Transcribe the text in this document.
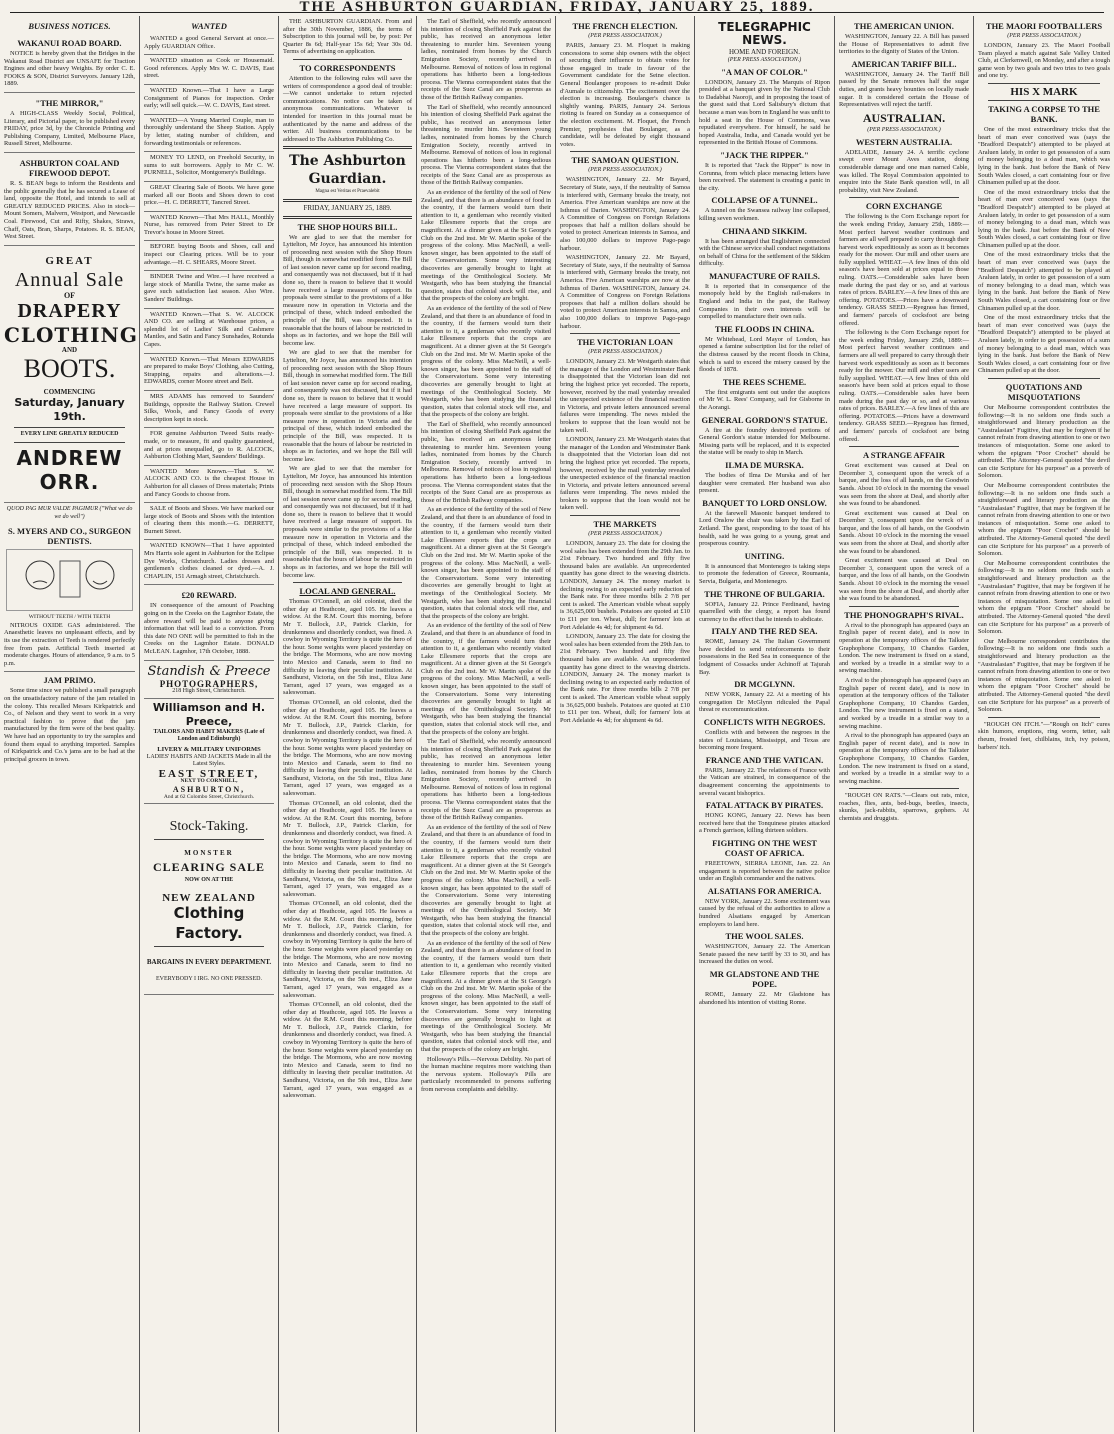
THE ASHBURTON GUARDIAN, FRIDAY, JANUARY 25, 1889.
BUSINESS NOTICES.
WAKANUI ROAD BOARD.

NOTICE is hereby given that the Bridges in the Wakanui Road District are UNSAFE for Traction Engines and other heavy Weights. By order C. E. FOOKS & SON, District Surveyors. January 12th, 1889.

"THE MIRROR,"

A HIGH-CLASS Weekly Social, Political, Literary, and Pictorial paper, to be published every FRIDAY, price 3d, by the Chronicle Printing and Publishing Company, Limited, Melbourne Place, Russell Street, Melbourne.

ASHBURTON COAL AND FIREWOOD DEPOT.

R. S. BEAN begs to inform the Residents and the public generally that he has secured a Lease of land, opposite the Hotel, and intends to sell at GREATLY REDUCED PRICES. Also in stock—Mount Somers, Malvern, Westport, and Newcastle Coal. Firewood, Cut and Rifty, Shakes, Straws, Chaff, Oats, Bran, Sharps, Potatoes. R. S. BEAN, West Street.

GREAT
Annual Sale
OF
DRAPERY
CLOTHING
AND
BOOTS.
COMMENCING
Saturday, January 19th.
EVERY LINE GREATLY REDUCED
ANDREW ORR.
QUOD PAG MUR VALDE PAGIMUR ("What we do we do well")
S. MYERS AND CO., SURGEON DENTISTS.
WITHOUT TEETH / WITH TEETH

NITROUS OXIDE GAS administered. The Anaesthetic leaves no unpleasant effects, and by its use the extraction of Teeth is rendered perfectly free from pain. Artificial Teeth inserted at moderate charges. Hours of attendance, 9 a.m. to 5 p.m.

JAM PRIMO.

Some time since we published a small paragraph on the unsatisfactory nature of the jam retailed in the colony. This recalled Messrs Kirkpatrick and Co., of Nelson and they went to work in a very practical fashion to prove that the jam manufactured by the firm were of the best quality. We have had an opportunity to try the samples and found them equal to anything imported. Samples of Kirkpatrick and Co.'s jams are to be had at the principal grocers in town.

WANTED

WANTED a good General Servant at once.—Apply GUARDIAN Office.

WANTED situation as Cook or Housemaid. Good references. Apply Mrs W. C. DAVIS, East street.

WANTED Known.—That I have a Large Consignment of Pianos for inspection. Order early; will sell quick.—W. C. DAVIS, East street.

WANTED—A Young Married Couple, man to thoroughly understand the Sheep Station. Apply by letter, stating number of children, and forwarding testimonials or references.

MONEY TO LEND, on Freehold Security, in sums to suit borrowers. Apply to Mr C. W. PURNELL, Solicitor, Montgomery's Buildings.

GREAT Clearing Sale of Boots. We have gone marked all our Boots and Shoes down to cost price.—H. C. DERRETT, Tancred Street.

WANTED Known—That Mrs HALL, Monthly Nurse, has removed from Peter Street to Dr Trevor's house in Moore Street.

BEFORE buying Boots and Shoes, call and inspect our Clearing prices. Will be to your advantage.—H. C. SHEARS, Moore Street.

BINDER Twine and Wire.—I have received a large stock of Manilla Twine, the same make as gave such satisfaction last season. Also Wire. Sanders' Buildings.

WANTED Known.—That S. W. ALCOCK AND CO. are selling at Warehouse prices, a splendid lot of Ladies' Silk and Cashmere Mantles, and Satin and Fancy Sunshades, Rotunda Capes.

WANTED Known.—That Messrs EDWARDS are prepared to make Boys' Clothing, also Cutting, Strapping, repairs and alterations.—J. EDWARDS, corner Moore street and Belt.

MRS ADAMS has removed to Saunders' Buildings, opposite the Railway Station. Crewel Silks, Wools, and Fancy Goods of every description kept in stock.

FOR genuine Ashburton Tweed Suits ready-made, or to measure, fit and quality guaranteed, and at prices unequalled, go to R. ALCOCK, Ashburton Clothing Mart, Saunders' Buildings.

WANTED More Known.—That S. W. ALCOCK AND CO. is the cheapest House in Ashburton for all classes of Dress materials; Prints and Fancy Goods to choose from.

SALE of Boots and Shoes. We have marked our large stock of Boots and Shoes with the intention of clearing them this month.—G. DERRETT, Burnett Street.

WANTED KNOWN—That I have appointed Mrs Harris sole agent in Ashburton for the Eclipse Dye Works, Christchurch. Ladies dresses and gentlemen's clothes cleaned or dyed.—A. J. CHAPLIN, 151 Armagh street, Christchurch.

£20 REWARD.

IN consequence of the amount of Poaching going on in the Creeks on the Lagmhor Estate, the above reward will be paid to anyone giving information that will lead to a conviction. From this date NO ONE will be permitted to fish in the Creeks on the Lagmhor Estate. DONALD McLEAN. Lagmhor, 17th October, 1888.

Standish & Preece
PHOTOGRAPHERS,
218 High Street, Christchurch.
Williamson and H. Preece,
TAILORS AND HABIT MAKERS (Late of London and Edinburgh)
LIVERY & MILITARY UNIFORMS
LADIES' HABITS AND JACKETS Made in all the Latest Styles.
EAST STREET,
NEXT TO CORNHILL,
ASHBURTON,
And at 62 Colombo Street, Christchurch.
Stock-Taking.
MONSTER
CLEARING SALE
NOW ON AT THE
NEW ZEALAND
Clothing Factory.
BARGAINS IN EVERY DEPARTMENT.
EVERYBODY I IRG. NO ONE PRESSED.

THE ASHBURTON GUARDIAN. From and after the 30th November, 1886, the terms of Subscription to this journal will be, by post: Per Quarter 8s 6d; Half-year 15s 6d; Year 30s 0d. Terms of advertising on application.

TO CORRESPONDENTS

Attention to the following rules will save the writers of correspondence a good deal of trouble:—We cannot undertake to return rejected communications. No notice can be taken of anonymous communications. Whatever is intended for insertion in this journal must be authenticated by the name and address of the writer. All business communications to be addressed to The Ashburton Publishing Co.

The Ashburton Guardian.
Magna est Veritas et Praevalebit
FRIDAY, JANUARY 25, 1889.
THE SHOP HOURS BILL.

We are glad to see that the member for Lyttelton, Mr Joyce, has announced his intention of proceeding next session with the Shop Hours Bill, though in somewhat modified form. The Bill of last session never came up for second reading, and consequently was not discussed, but if it had done so, there is reason to believe that it would have received a large measure of support. Its proposals were similar to the provisions of a like measure now in operation in Victoria and the principal of these, which indeed embodied the principle of the Bill, was respected. It is reasonable that the hours of labour be restricted in shops as in factories, and we hope the Bill will become law.

We are glad to see that the member for Lyttelton, Mr Joyce, has announced his intention of proceeding next session with the Shop Hours Bill, though in somewhat modified form. The Bill of last session never came up for second reading, and consequently was not discussed, but if it had done so, there is reason to believe that it would have received a large measure of support. Its proposals were similar to the provisions of a like measure now in operation in Victoria and the principal of these, which indeed embodied the principle of the Bill, was respected. It is reasonable that the hours of labour be restricted in shops as in factories, and we hope the Bill will become law.

We are glad to see that the member for Lyttelton, Mr Joyce, has announced his intention of proceeding next session with the Shop Hours Bill, though in somewhat modified form. The Bill of last session never came up for second reading, and consequently was not discussed, but if it had done so, there is reason to believe that it would have received a large measure of support. Its proposals were similar to the provisions of a like measure now in operation in Victoria and the principal of these, which indeed embodied the principle of the Bill, was respected. It is reasonable that the hours of labour be restricted in shops as in factories, and we hope the Bill will become law.

LOCAL AND GENERAL.

Thomas O'Connell, an old colonist, died the other day at Heathcote, aged 105. He leaves a widow. At the R.M. Court this morning, before Mr T. Bullock, J.P., Patrick Clarkin, for drunkenness and disorderly conduct, was fined. A cowboy in Wyoming Territory is quite the hero of the hour. Some weights were placed yesterday on the bridge. The Mormons, who are now moving into Mexico and Canada, seem to find no difficulty in leaving their peculiar institution. At Sandhurst, Victoria, on the 5th inst., Eliza Jane Tarrant, aged 17 years, was engaged as a saleswoman.

Thomas O'Connell, an old colonist, died the other day at Heathcote, aged 105. He leaves a widow. At the R.M. Court this morning, before Mr T. Bullock, J.P., Patrick Clarkin, for drunkenness and disorderly conduct, was fined. A cowboy in Wyoming Territory is quite the hero of the hour. Some weights were placed yesterday on the bridge. The Mormons, who are now moving into Mexico and Canada, seem to find no difficulty in leaving their peculiar institution. At Sandhurst, Victoria, on the 5th inst., Eliza Jane Tarrant, aged 17 years, was engaged as a saleswoman.

Thomas O'Connell, an old colonist, died the other day at Heathcote, aged 105. He leaves a widow. At the R.M. Court this morning, before Mr T. Bullock, J.P., Patrick Clarkin, for drunkenness and disorderly conduct, was fined. A cowboy in Wyoming Territory is quite the hero of the hour. Some weights were placed yesterday on the bridge. The Mormons, who are now moving into Mexico and Canada, seem to find no difficulty in leaving their peculiar institution. At Sandhurst, Victoria, on the 5th inst., Eliza Jane Tarrant, aged 17 years, was engaged as a saleswoman.

Thomas O'Connell, an old colonist, died the other day at Heathcote, aged 105. He leaves a widow. At the R.M. Court this morning, before Mr T. Bullock, J.P., Patrick Clarkin, for drunkenness and disorderly conduct, was fined. A cowboy in Wyoming Territory is quite the hero of the hour. Some weights were placed yesterday on the bridge. The Mormons, who are now moving into Mexico and Canada, seem to find no difficulty in leaving their peculiar institution. At Sandhurst, Victoria, on the 5th inst., Eliza Jane Tarrant, aged 17 years, was engaged as a saleswoman.

Thomas O'Connell, an old colonist, died the other day at Heathcote, aged 105. He leaves a widow. At the R.M. Court this morning, before Mr T. Bullock, J.P., Patrick Clarkin, for drunkenness and disorderly conduct, was fined. A cowboy in Wyoming Territory is quite the hero of the hour. Some weights were placed yesterday on the bridge. The Mormons, who are now moving into Mexico and Canada, seem to find no difficulty in leaving their peculiar institution. At Sandhurst, Victoria, on the 5th inst., Eliza Jane Tarrant, aged 17 years, was engaged as a saleswoman.

The Earl of Sheffield, who recently announced his intention of closing Sheffield Park against the public, has received an anonymous letter threatening to murder him. Seventeen young ladies, nominated from homes by the Church Emigration Society, recently arrived in Melbourne. Removal of notices of loss in regional operations has hitherto been a long-tedious process. The Vienna correspondent states that the receipts of the Suez Canal are as prosperous as those of the British Railway companies.

The Earl of Sheffield, who recently announced his intention of closing Sheffield Park against the public, has received an anonymous letter threatening to murder him. Seventeen young ladies, nominated from homes by the Church Emigration Society, recently arrived in Melbourne. Removal of notices of loss in regional operations has hitherto been a long-tedious process. The Vienna correspondent states that the receipts of the Suez Canal are as prosperous as those of the British Railway companies.

As an evidence of the fertility of the soil of New Zealand, and that there is an abundance of food in the country, if the farmers would turn their attention to it, a gentleman who recently visited Lake Ellesmere reports that the crops are magnificent. At a dinner given at the St George's Club on the 2nd inst. Mr W. Martin spoke of the progress of the colony. Miss MacNeill, a well-known singer, has been appointed to the staff of the Conservatorium. Some very interesting discoveries are generally brought to light at meetings of the Ornithological Society. Mr Westgarth, who has been studying the financial question, states that colonial stock will rise, and that the prospects of the colony are bright.

As an evidence of the fertility of the soil of New Zealand, and that there is an abundance of food in the country, if the farmers would turn their attention to it, a gentleman who recently visited Lake Ellesmere reports that the crops are magnificent. At a dinner given at the St George's Club on the 2nd inst. Mr W. Martin spoke of the progress of the colony. Miss MacNeill, a well-known singer, has been appointed to the staff of the Conservatorium. Some very interesting discoveries are generally brought to light at meetings of the Ornithological Society. Mr Westgarth, who has been studying the financial question, states that colonial stock will rise, and that the prospects of the colony are bright.

The Earl of Sheffield, who recently announced his intention of closing Sheffield Park against the public, has received an anonymous letter threatening to murder him. Seventeen young ladies, nominated from homes by the Church Emigration Society, recently arrived in Melbourne. Removal of notices of loss in regional operations has hitherto been a long-tedious process. The Vienna correspondent states that the receipts of the Suez Canal are as prosperous as those of the British Railway companies.

As an evidence of the fertility of the soil of New Zealand, and that there is an abundance of food in the country, if the farmers would turn their attention to it, a gentleman who recently visited Lake Ellesmere reports that the crops are magnificent. At a dinner given at the St George's Club on the 2nd inst. Mr W. Martin spoke of the progress of the colony. Miss MacNeill, a well-known singer, has been appointed to the staff of the Conservatorium. Some very interesting discoveries are generally brought to light at meetings of the Ornithological Society. Mr Westgarth, who has been studying the financial question, states that colonial stock will rise, and that the prospects of the colony are bright.

As an evidence of the fertility of the soil of New Zealand, and that there is an abundance of food in the country, if the farmers would turn their attention to it, a gentleman who recently visited Lake Ellesmere reports that the crops are magnificent. At a dinner given at the St George's Club on the 2nd inst. Mr W. Martin spoke of the progress of the colony. Miss MacNeill, a well-known singer, has been appointed to the staff of the Conservatorium. Some very interesting discoveries are generally brought to light at meetings of the Ornithological Society. Mr Westgarth, who has been studying the financial question, states that colonial stock will rise, and that the prospects of the colony are bright.

The Earl of Sheffield, who recently announced his intention of closing Sheffield Park against the public, has received an anonymous letter threatening to murder him. Seventeen young ladies, nominated from homes by the Church Emigration Society, recently arrived in Melbourne. Removal of notices of loss in regional operations has hitherto been a long-tedious process. The Vienna correspondent states that the receipts of the Suez Canal are as prosperous as those of the British Railway companies.

As an evidence of the fertility of the soil of New Zealand, and that there is an abundance of food in the country, if the farmers would turn their attention to it, a gentleman who recently visited Lake Ellesmere reports that the crops are magnificent. At a dinner given at the St George's Club on the 2nd inst. Mr W. Martin spoke of the progress of the colony. Miss MacNeill, a well-known singer, has been appointed to the staff of the Conservatorium. Some very interesting discoveries are generally brought to light at meetings of the Ornithological Society. Mr Westgarth, who has been studying the financial question, states that colonial stock will rise, and that the prospects of the colony are bright.

As an evidence of the fertility of the soil of New Zealand, and that there is an abundance of food in the country, if the farmers would turn their attention to it, a gentleman who recently visited Lake Ellesmere reports that the crops are magnificent. At a dinner given at the St George's Club on the 2nd inst. Mr W. Martin spoke of the progress of the colony. Miss MacNeill, a well-known singer, has been appointed to the staff of the Conservatorium. Some very interesting discoveries are generally brought to light at meetings of the Ornithological Society. Mr Westgarth, who has been studying the financial question, states that colonial stock will rise, and that the prospects of the colony are bright.

Holloway's Pills.—Nervous Debility. No part of the human machine requires more watching than the nervous system. Holloway's Pills are particularly recommended to persons suffering from nervous complaints and debility.

THE FRENCH ELECTION.
(PER PRESS ASSOCIATION.)

PARIS, January 23. M. Floquet is making concessions to some ship owners with the object of securing their influence to obtain votes for those engaged in trade in favour of the Government candidate for the Seine election. General Boulanger proposes to re-admit Duke d'Aumale to citizenship. The excitement over the election is increasing. Boulanger's chance is slightly waning. PARIS, January 24. Serious rioting is feared on Sunday as a consequence of the election excitement. M. Floquet, the French Premier, prophesies that Boulanger, as a candidate, will be defeated by eight thousand votes.

THE SAMOAN QUESTION.
(PER PRESS ASSOCIATION.)

WASHINGTON, January 22. Mr Bayard, Secretary of State, says, if the neutrality of Samoa is interfered with, Germany breaks the treaty, not America. Five American warships are now at the Isthmus of Darien. WASHINGTON, January 24. A Committee of Congress on Foreign Relations proposes that half a million dollars should be voted to protect American interests in Samoa, and also 100,000 dollars to improve Pago-pago harbour.

WASHINGTON, January 22. Mr Bayard, Secretary of State, says, if the neutrality of Samoa is interfered with, Germany breaks the treaty, not America. Five American warships are now at the Isthmus of Darien. WASHINGTON, January 24. A Committee of Congress on Foreign Relations proposes that half a million dollars should be voted to protect American interests in Samoa, and also 100,000 dollars to improve Pago-pago harbour.

THE VICTORIAN LOAN
(PER PRESS ASSOCIATION.)

LONDON, January 23. Mr Westgarth states that the manager of the London and Westminster Bank is disappointed that the Victorian loan did not bring the highest price yet recorded. The reports, however, received by the mail yesterday revealed the unexpected existence of the financial reaction in Victoria, and private letters announced several failures were impending. The news misled the brokers to suppose that the loan would not be taken well.

LONDON, January 23. Mr Westgarth states that the manager of the London and Westminster Bank is disappointed that the Victorian loan did not bring the highest price yet recorded. The reports, however, received by the mail yesterday revealed the unexpected existence of the financial reaction in Victoria, and private letters announced several failures were impending. The news misled the brokers to suppose that the loan would not be taken well.

THE MARKETS
(PER PRESS ASSOCIATION.)

LONDON, January 23. The date for closing the wool sales has been extended from the 29th Jan. to 21st February. Two hundred and fifty five thousand bales are available. An unprecedented quantity has gone direct to the weaving districts. LONDON, January 24. The money market is declining owing to an expected early reduction of the Bank rate. For three months bills 2 7/8 per cent is asked. The American visible wheat supply is 36,625,000 bushels. Potatoes are quoted at £10 to £11 per ton. Wheat, dull; for farmers' lots at Port Adelaide 4s 4d; for shipment 4s 6d.

LONDON, January 23. The date for closing the wool sales has been extended from the 29th Jan. to 21st February. Two hundred and fifty five thousand bales are available. An unprecedented quantity has gone direct to the weaving districts. LONDON, January 24. The money market is declining owing to an expected early reduction of the Bank rate. For three months bills 2 7/8 per cent is asked. The American visible wheat supply is 36,625,000 bushels. Potatoes are quoted at £10 to £11 per ton. Wheat, dull; for farmers' lots at Port Adelaide 4s 4d; for shipment 4s 6d.

TELEGRAPHIC NEWS.
HOME AND FOREIGN.
(PER PRESS ASSOCIATION.)
"A MAN OF COLOR."

LONDON, January 23. The Marquis of Ripon presided at a banquet given by the National Club to Dadabhai Naoroji, and in proposing the toast of the guest said that Lord Salisbury's dictum that because a man was born in England he was unfit to hold a seat in the House of Commons, was repudiated everywhere. For himself, he said he hoped Australia, India, and Canada would yet be represented in the British House of Commons.

"JACK THE RIPPER."

It is reported that "Jack the Ripper" is now in Corunna, from which place menacing letters have been received. The statement is creating a panic in the city.

COLLAPSE OF A TUNNEL.

A tunnel on the Swansea railway line collapsed, killing seven workmen.

CHINA AND SIKKIM.

It has been arranged that Englishmen connected with the Chinese service shall conduct negotiations on behalf of China for the settlement of the Sikkim difficulty.

MANUFACTURE OF RAILS.

It is reported that in consequence of the monopoly held by the English rail-makers in England and India in the past, the Railway Companies in their own interests will be compelled to manufacture their own rails.

THE FLOODS IN CHINA.

Mr Whitehead, Lord Mayor of London, has opened a famine subscription list for the relief of the distress caused by the recent floods in China, which is said to exceed the misery caused by the floods of 1878.

THE REES SCHEME.

The first emigrants sent out under the auspices of Mr W. L. Rees' Company, sail for Gisborne in the Aorangi.

GENERAL GORDON'S STATUE.

A fire at the foundry destroyed portions of General Gordon's statue intended for Melbourne. Missing parts will be replaced, and it is expected the statue will be ready to ship in March.

ILMA DE MURSKA.

The bodies of Ilma De Murska and of her daughter were cremated. Her husband was also present.

BANQUET TO LORD ONSLOW.

At the farewell Masonic banquet tendered to Lord Onslow the chair was taken by the Earl of Zetland. The guest, responding to the toast of his health, said he was going to a young, great and prosperous country.

UNITING.

It is announced that Montenegro is taking steps to promote the federation of Greece, Roumania, Servia, Bulgaria, and Montenegro.

THE THRONE OF BULGARIA.

SOFIA, January 22. Prince Ferdinand, having quarrelled with the clergy, a report has found currency to the effect that he intends to abdicate.

ITALY AND THE RED SEA.

ROME, January 24. The Italian Government have decided to send reinforcements to their possessions in the Red Sea in consequence of the lodgment of Cossacks under Achinoff at Tajurah Bay.

DR MCGLYNN.

NEW YORK, January 22. At a meeting of his congregation Dr McGlynn ridiculed the Papal threat re excommunication.

CONFLICTS WITH NEGROES.

Conflicts with and between the negroes in the states of Louisiana, Mississippi, and Texas are becoming more frequent.

FRANCE AND THE VATICAN.

PARIS, January 22. The relations of France with the Vatican are strained, in consequence of the disagreement concerning the appointments to several vacant bishoprics.

FATAL ATTACK BY PIRATES.

HONG KONG, January 22. News has been received here that the Tonquinese pirates attacked a French garrison, killing thirteen soldiers.

FIGHTING ON THE WEST COAST OF AFRICA.

FREETOWN, SIERRA LEONE, Jan. 22. An engagement is reported between the native police under an English commander and the natives.

ALSATIANS FOR AMERICA.

NEW YORK, January 22. Some excitement was caused by the refusal of the authorities to allow a hundred Alsatians engaged by American employers to land here.

THE WOOL SALES.

WASHINGTON, January 22. The American Senate passed the new tariff by 33 to 30, and has increased the duties on wool.

MR GLADSTONE AND THE POPE.

ROME, January 22. Mr Gladstone has abandoned his intention of visiting Rome.

THE AMERICAN UNION.

WASHINGTON, January 22. A Bill has passed the House of Representatives to admit five territories to the dignity of States of the Union.

AMERICAN TARIFF BILL.

WASHINGTON, January 24. The Tariff Bill passed by the Senate removes half the sugar duties, and grants heavy bounties on locally made sugar. It is considered certain the House of Representatives will reject the tariff.

AUSTRALIAN.
(PER PRESS ASSOCIATION.)
WESTERN AUSTRALIA.

ADELAIDE, January 24. A terrific cyclone swept over Mount Aves station, doing considerable damage and one man named Cable, was killed. The Royal Commission appointed to enquire into the State Bank question will, in all probability, visit New Zealand.

CORN EXCHANGE

The following is the Corn Exchange report for the week ending Friday, January 25th, 1889:—Most perfect harvest weather continues and farmers are all well prepared to carry through their harvest work expeditiously as soon as it becomes ready for the mower. Our mill and other users are fully supplied. WHEAT.—A few lines of this old season's have been sold at prices equal to those ruling. OATS.—Considerable sales have been made during the past day or so, and at various rates of prices. BARLEY.—A few lines of this are offering. POTATOES.—Prices have a downward tendency. GRASS SEED.—Ryegrass has firmed, and farmers' parcels of cocksfoot are being offered.

The following is the Corn Exchange report for the week ending Friday, January 25th, 1889:—Most perfect harvest weather continues and farmers are all well prepared to carry through their harvest work expeditiously as soon as it becomes ready for the mower. Our mill and other users are fully supplied. WHEAT.—A few lines of this old season's have been sold at prices equal to those ruling. OATS.—Considerable sales have been made during the past day or so, and at various rates of prices. BARLEY.—A few lines of this are offering. POTATOES.—Prices have a downward tendency. GRASS SEED.—Ryegrass has firmed, and farmers' parcels of cocksfoot are being offered.

A STRANGE AFFAIR

Great excitement was caused at Deal on December 3, consequent upon the wreck of a barque, and the loss of all hands, on the Goodwin Sands. About 10 o'clock in the morning the vessel was seen from the shore at Deal, and shortly after she was found to be abandoned.

Great excitement was caused at Deal on December 3, consequent upon the wreck of a barque, and the loss of all hands, on the Goodwin Sands. About 10 o'clock in the morning the vessel was seen from the shore at Deal, and shortly after she was found to be abandoned.

Great excitement was caused at Deal on December 3, consequent upon the wreck of a barque, and the loss of all hands, on the Goodwin Sands. About 10 o'clock in the morning the vessel was seen from the shore at Deal, and shortly after she was found to be abandoned.

THE PHONOGRAPH'S RIVAL.

A rival to the phonograph has appeared (says an English paper of recent date), and is now in operation at the temporary offices of the Talkster Graphophone Company, 10 Chandos Garden, London. The new instrument is fixed on a stand, and worked by a treadle in a similar way to a sewing machine.

A rival to the phonograph has appeared (says an English paper of recent date), and is now in operation at the temporary offices of the Talkster Graphophone Company, 10 Chandos Garden, London. The new instrument is fixed on a stand, and worked by a treadle in a similar way to a sewing machine.

A rival to the phonograph has appeared (says an English paper of recent date), and is now in operation at the temporary offices of the Talkster Graphophone Company, 10 Chandos Garden, London. The new instrument is fixed on a stand, and worked by a treadle in a similar way to a sewing machine.

"ROUGH ON RATS."—Clears out rats, mice, roaches, flies, ants, bed-bugs, beetles, insects, skunks, jack-rabbits, sparrows, gophers. At chemists and druggists.

THE MAORI FOOTBALLERS
(PER PRESS ASSOCIATION.)

LONDON, January 23. The Maori Football Team played a match against Sale Valley United Club, at Clerkenwell, on Monday, and after a tough game won by two goals and two tries to two goals and one try.

HIS X MARK
TAKING A CORPSE TO THE BANK.

One of the most extraordinary tricks that the heart of man ever conceived was (says the "Bradford Despatch") attempted to be played at Araluen lately, in order to get possession of a sum of money belonging to a dead man, which was lying in the bank. Just before the Bank of New South Wales closed, a cart containing four or five Chinamen pulled up at the door.

One of the most extraordinary tricks that the heart of man ever conceived was (says the "Bradford Despatch") attempted to be played at Araluen lately, in order to get possession of a sum of money belonging to a dead man, which was lying in the bank. Just before the Bank of New South Wales closed, a cart containing four or five Chinamen pulled up at the door.

One of the most extraordinary tricks that the heart of man ever conceived was (says the "Bradford Despatch") attempted to be played at Araluen lately, in order to get possession of a sum of money belonging to a dead man, which was lying in the bank. Just before the Bank of New South Wales closed, a cart containing four or five Chinamen pulled up at the door.

One of the most extraordinary tricks that the heart of man ever conceived was (says the "Bradford Despatch") attempted to be played at Araluen lately, in order to get possession of a sum of money belonging to a dead man, which was lying in the bank. Just before the Bank of New South Wales closed, a cart containing four or five Chinamen pulled up at the door.

QUOTATIONS AND MISQUOTATIONS

Our Melbourne correspondent contributes the following:—It is no seldom one finds such a straightforward and literary production as the "Australasian" Fugitive, that may be forgiven if he cannot refrain from drawing attention to one or two instances of misquotation. Some one asked to whom the epigram "Poor Crochet" should be attributed. The Attorney-General quoted "the devil can cite Scripture for his purpose" as a proverb of Solomon.

Our Melbourne correspondent contributes the following:—It is no seldom one finds such a straightforward and literary production as the "Australasian" Fugitive, that may be forgiven if he cannot refrain from drawing attention to one or two instances of misquotation. Some one asked to whom the epigram "Poor Crochet" should be attributed. The Attorney-General quoted "the devil can cite Scripture for his purpose" as a proverb of Solomon.

Our Melbourne correspondent contributes the following:—It is no seldom one finds such a straightforward and literary production as the "Australasian" Fugitive, that may be forgiven if he cannot refrain from drawing attention to one or two instances of misquotation. Some one asked to whom the epigram "Poor Crochet" should be attributed. The Attorney-General quoted "the devil can cite Scripture for his purpose" as a proverb of Solomon.

Our Melbourne correspondent contributes the following:—It is no seldom one finds such a straightforward and literary production as the "Australasian" Fugitive, that may be forgiven if he cannot refrain from drawing attention to one or two instances of misquotation. Some one asked to whom the epigram "Poor Crochet" should be attributed. The Attorney-General quoted "the devil can cite Scripture for his purpose" as a proverb of Solomon.

"ROUGH ON ITCH."—"Rough on Itch" cures skin humors, eruptions, ring worm, tetter, salt rheum, frosted feet, chilblains, itch, ivy poison, barbers' itch.
